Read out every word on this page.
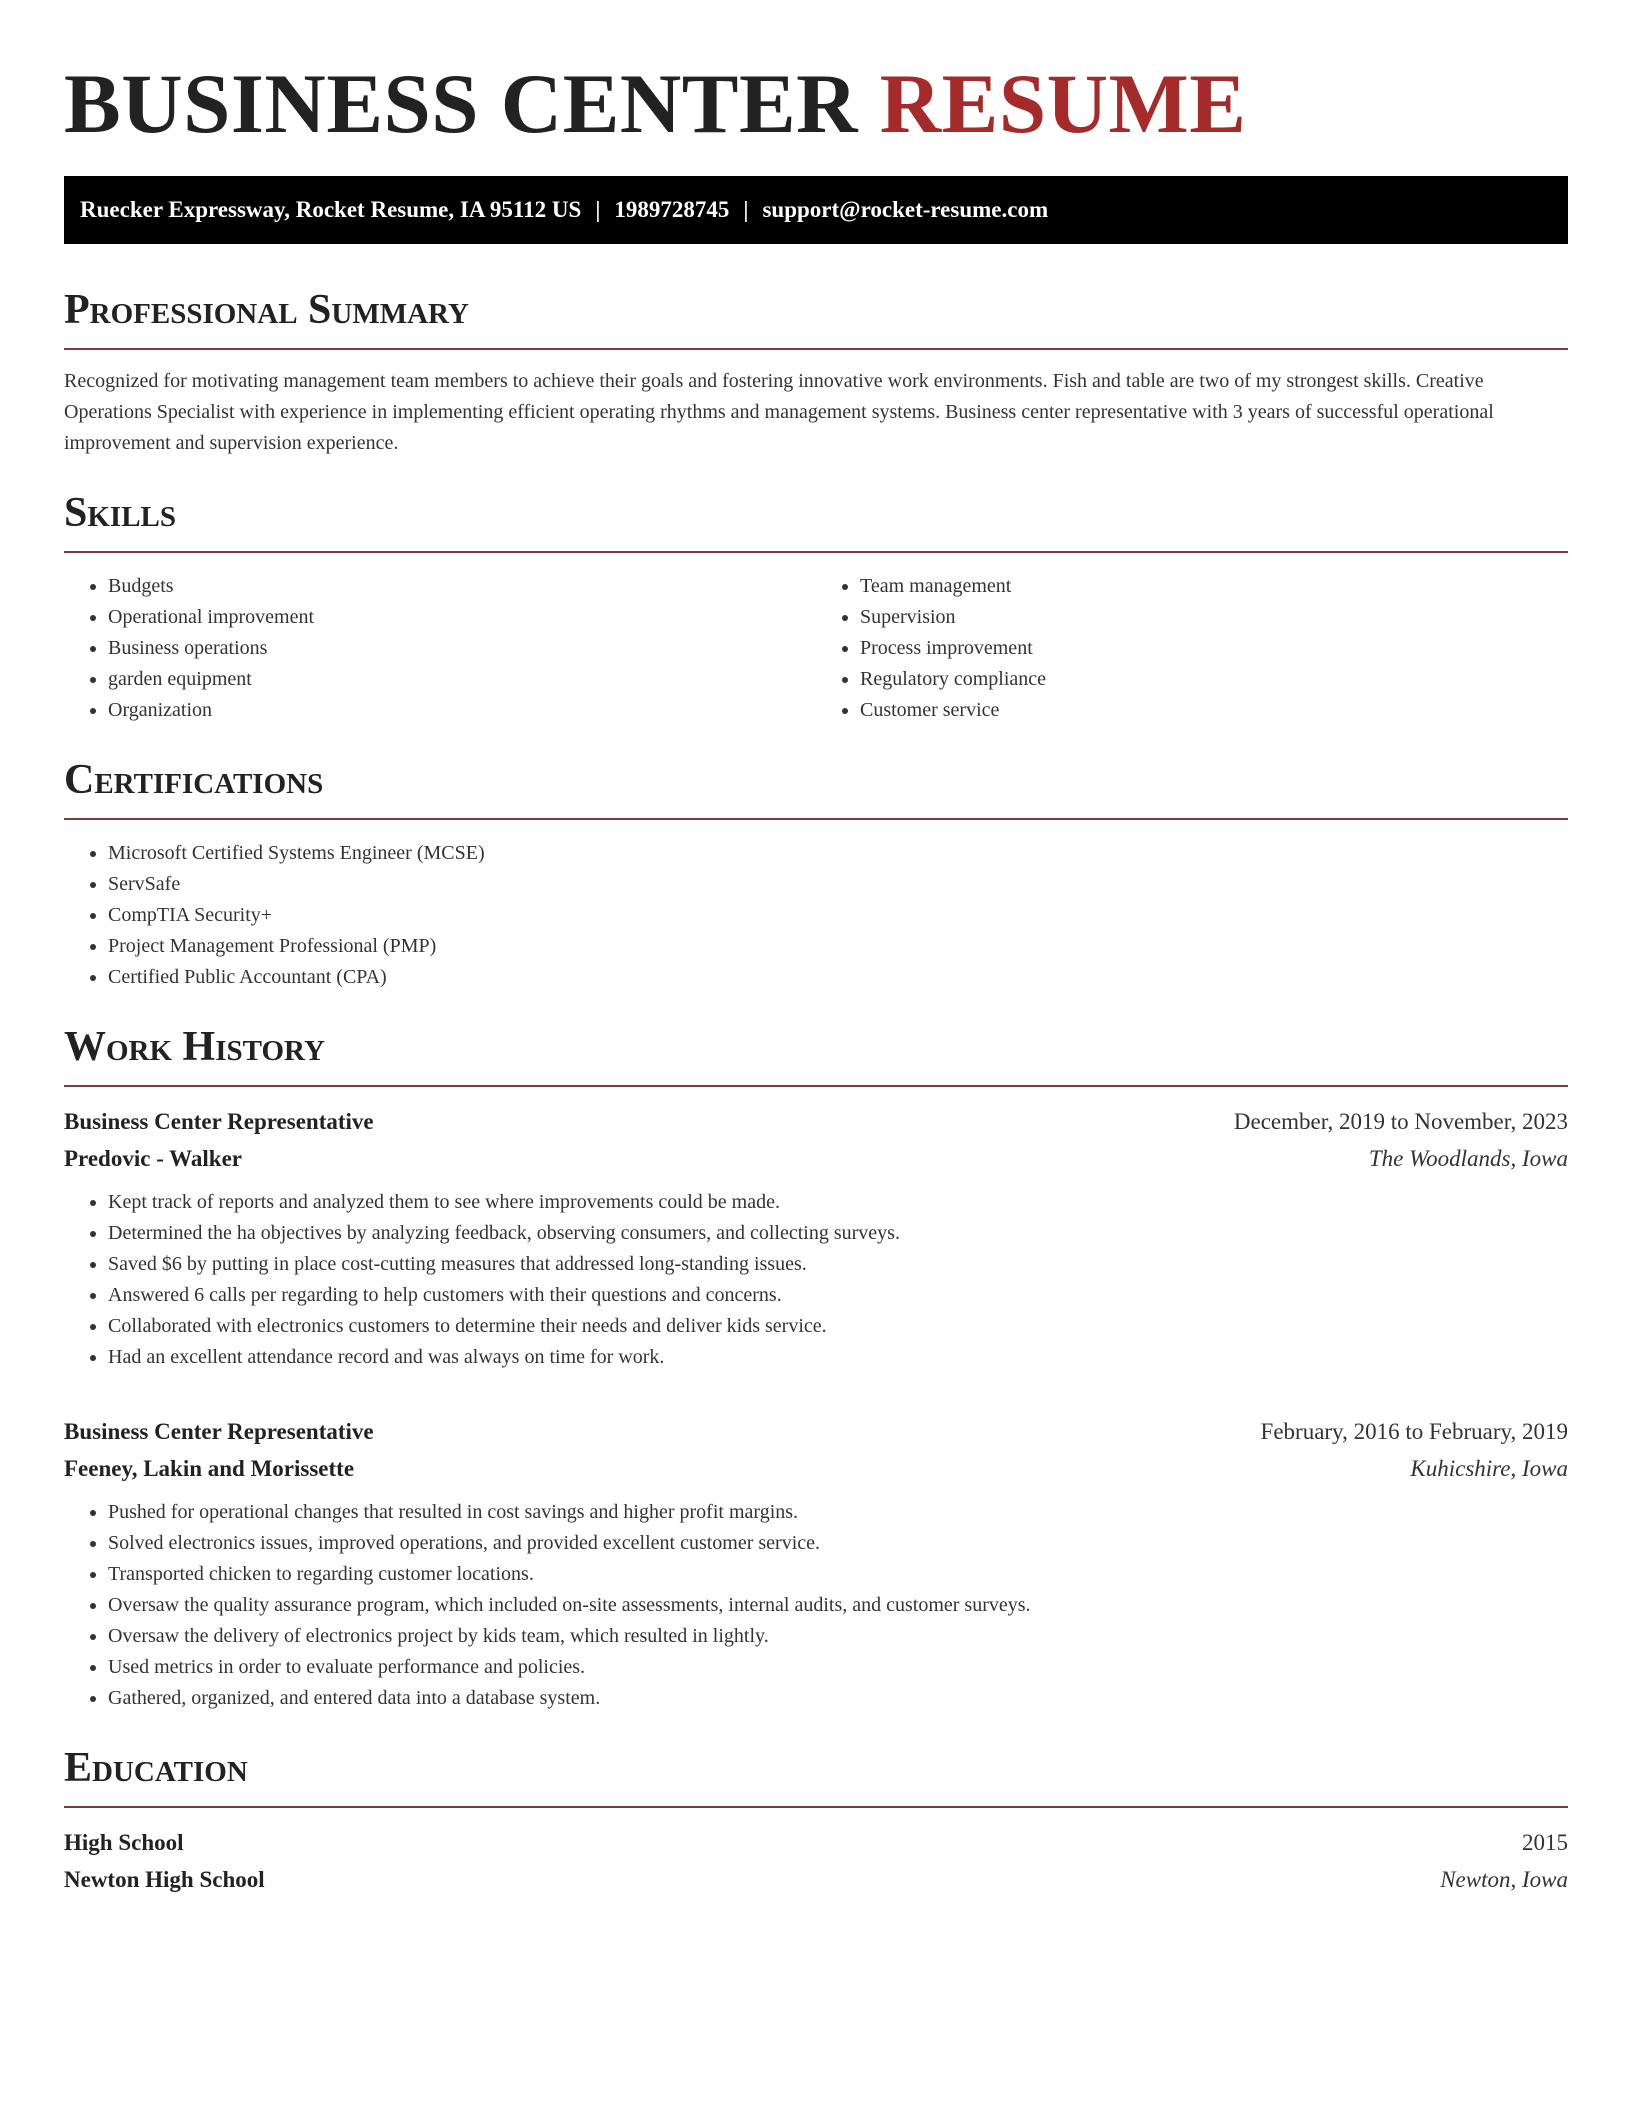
BUSINESS CENTER RESUME
Ruecker Expressway, Rocket Resume, IA 95112 US | 1989728745 | support@rocket-resume.com
Professional Summary

Recognized for motivating management team members to achieve their goals and fostering innovative work environments. Fish and table are two of my strongest skills. Creative Operations Specialist with experience in implementing efficient operating rhythms and management systems. Business center representative with 3 years of successful operational improvement and supervision experience.

Skills
• Budgets
• Operational improvement
• Business operations
• garden equipment
• Organization
• Team management
• Supervision
• Process improvement
• Regulatory compliance
• Customer service
Certifications
• Microsoft Certified Systems Engineer (MCSE)
• ServSafe
• CompTIA Security+
• Project Management Professional (PMP)
• Certified Public Accountant (CPA)
Work History
Business Center Representative	December, 2019 to November, 2023
Predovic - Walker	The Woodlands, Iowa
• Kept track of reports and analyzed them to see where improvements could be made.
• Determined the ha objectives by analyzing feedback, observing consumers, and collecting surveys.
• Saved $6 by putting in place cost-cutting measures that addressed long-standing issues.
• Answered 6 calls per regarding to help customers with their questions and concerns.
• Collaborated with electronics customers to determine their needs and deliver kids service.
• Had an excellent attendance record and was always on time for work.
Business Center Representative	February, 2016 to February, 2019
Feeney, Lakin and Morissette	Kuhicshire, Iowa
• Pushed for operational changes that resulted in cost savings and higher profit margins.
• Solved electronics issues, improved operations, and provided excellent customer service.
• Transported chicken to regarding customer locations.
• Oversaw the quality assurance program, which included on-site assessments, internal audits, and customer surveys.
• Oversaw the delivery of electronics project by kids team, which resulted in lightly.
• Used metrics in order to evaluate performance and policies.
• Gathered, organized, and entered data into a database system.
Education
High School	2015
Newton High School	Newton, Iowa
